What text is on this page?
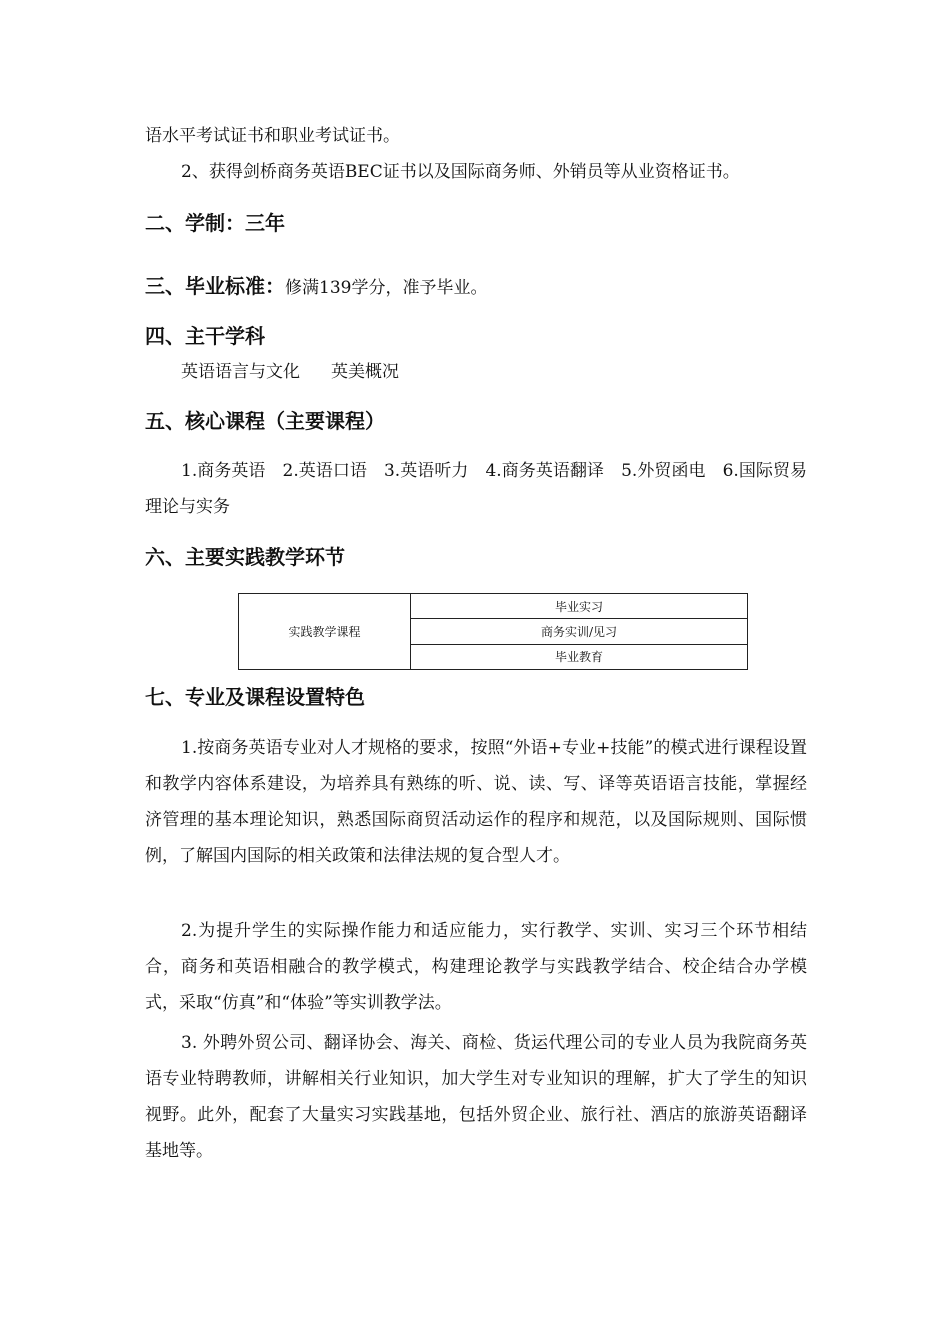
语水平考试证书和职业考试证书。

2、获得剑桥商务英语BEC证书以及国际商务师、外销员等从业资格证书。

二、学制：三年
三、毕业标准：修满139学分，准予毕业。
四、主干学科
英语语言与文化 英美概况
五、核心课程（主要课程）

1.商务英语　2.英语口语　3.英语听力　4.商务英语翻译　5.外贸函电　6.国际贸易理论与实务

六、主要实践教学环节
实践教学课程	毕业实习
商务实训/见习
毕业教育
七、专业及课程设置特色

1.按商务英语专业对人才规格的要求，按照“外语+专业+技能”的模式进行课程设置和教学内容体系建设，为培养具有熟练的听、说、读、写、译等英语语言技能，掌握经济管理的基本理论知识，熟悉国际商贸活动运作的程序和规范，以及国际规则、国际惯例，了解国内国际的相关政策和法律法规的复合型人才。

2.为提升学生的实际操作能力和适应能力，实行教学、实训、实习三个环节相结合，商务和英语相融合的教学模式，构建理论教学与实践教学结合、校企结合办学模式，采取“仿真”和“体验”等实训教学法。

3. 外聘外贸公司、翻译协会、海关、商检、货运代理公司的专业人员为我院商务英语专业特聘教师，讲解相关行业知识，加大学生对专业知识的理解，扩大了学生的知识视野。此外，配套了大量实习实践基地，包括外贸企业、旅行社、酒店的旅游英语翻译基地等。
